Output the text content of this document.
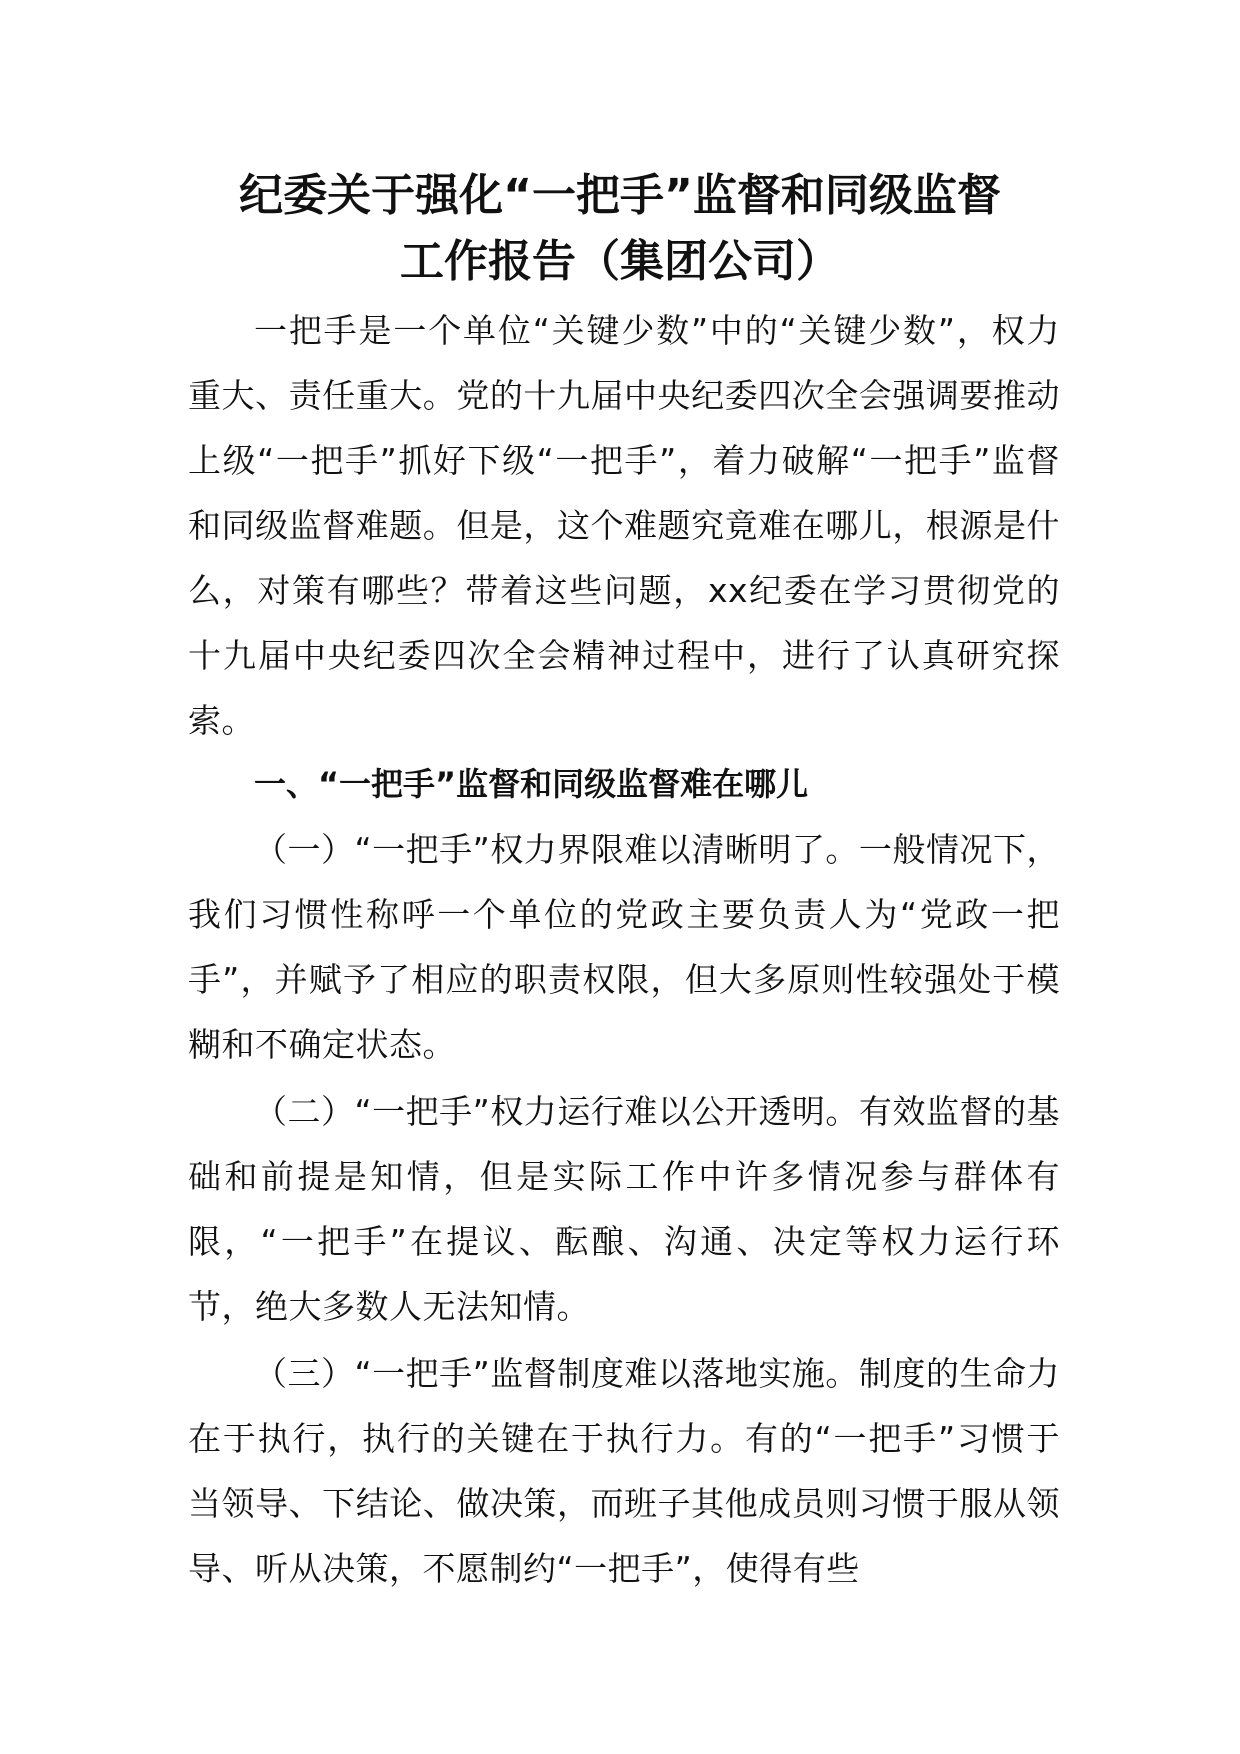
纪委关于强化“一把手”监督和同级监督
工作报告（集团公司）

一把手是一个单位“关键少数”中的“关键少数”，权力重大、责任重大。党的十九届中央纪委四次全会强调要推动上级“一把手”抓好下级“一把手”，着力破解“一把手”监督和同级监督难题。但是，这个难题究竟难在哪儿，根源是什么，对策有哪些？带着这些问题，xx纪委在学习贯彻党的十九届中央纪委四次全会精神过程中，进行了认真研究探索。

一、“一把手”监督和同级监督难在哪儿

（一）“一把手”权力界限难以清晰明了。一般情况下，我们习惯性称呼一个单位的党政主要负责人为“党政一把手”，并赋予了相应的职责权限，但大多原则性较强处于模糊和不确定状态。

（二）“一把手”权力运行难以公开透明。有效监督的基础和前提是知情，但是实际工作中许多情况参与群体有限，“一把手”在提议、酝酿、沟通、决定等权力运行环节，绝大多数人无法知情。

（三）“一把手”监督制度难以落地实施。制度的生命力在于执行，执行的关键在于执行力。有的“一把手”习惯于当领导、下结论、做决策，而班子其他成员则习惯于服从领导、听从决策，不愿制约“一把手”，使得有些
